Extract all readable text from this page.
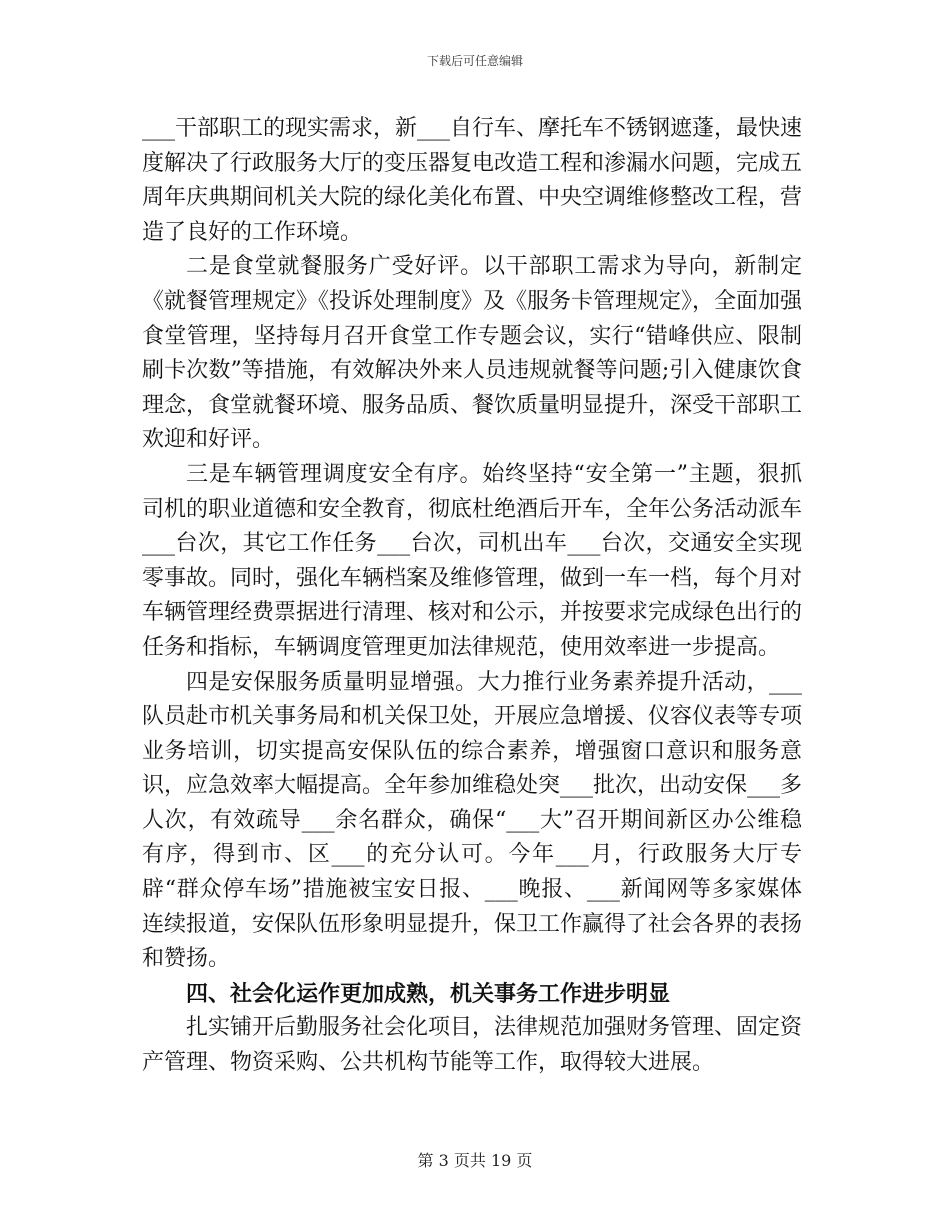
下载后可任意编辑

___干部职工的现实需求，新___自行车、摩托车不锈钢遮蓬，最快速度解决了行政服务大厅的变压器复电改造工程和渗漏水问题，完成五周年庆典期间机关大院的绿化美化布置、中央空调维修整改工程，营造了良好的工作环境。

二是食堂就餐服务广受好评。以干部职工需求为导向，新制定《就餐管理规定》《投诉处理制度》及《服务卡管理规定》，全面加强食堂管理，坚持每月召开食堂工作专题会议，实行“错峰供应、限制刷卡次数”等措施，有效解决外来人员违规就餐等问题;引入健康饮食理念，食堂就餐环境、服务品质、餐饮质量明显提升，深受干部职工欢迎和好评。

三是车辆管理调度安全有序。始终坚持“安全第一”主题，狠抓司机的职业道德和安全教育，彻底杜绝酒后开车，全年公务活动派车___台次，其它工作任务___台次，司机出车___台次，交通安全实现零事故。同时，强化车辆档案及维修管理，做到一车一档，每个月对车辆管理经费票据进行清理、核对和公示，并按要求完成绿色出行的任务和指标，车辆调度管理更加法律规范，使用效率进一步提高。

四是安保服务质量明显增强。大力推行业务素养提升活动，___队员赴市机关事务局和机关保卫处，开展应急增援、仪容仪表等专项业务培训，切实提高安保队伍的综合素养，增强窗口意识和服务意识，应急效率大幅提高。全年参加维稳处突___批次，出动安保___多人次，有效疏导___余名群众，确保“___大”召开期间新区办公维稳有序，得到市、区___的充分认可。今年___月，行政服务大厅专辟“群众停车场”措施被宝安日报、___晚报、___新闻网等多家媒体连续报道，安保队伍形象明显提升，保卫工作赢得了社会各界的表扬和赞扬。

四、社会化运作更加成熟，机关事务工作进步明显

扎实铺开后勤服务社会化项目，法律规范加强财务管理、固定资产管理、物资采购、公共机构节能等工作，取得较大进展。

第 3 页共 19 页
